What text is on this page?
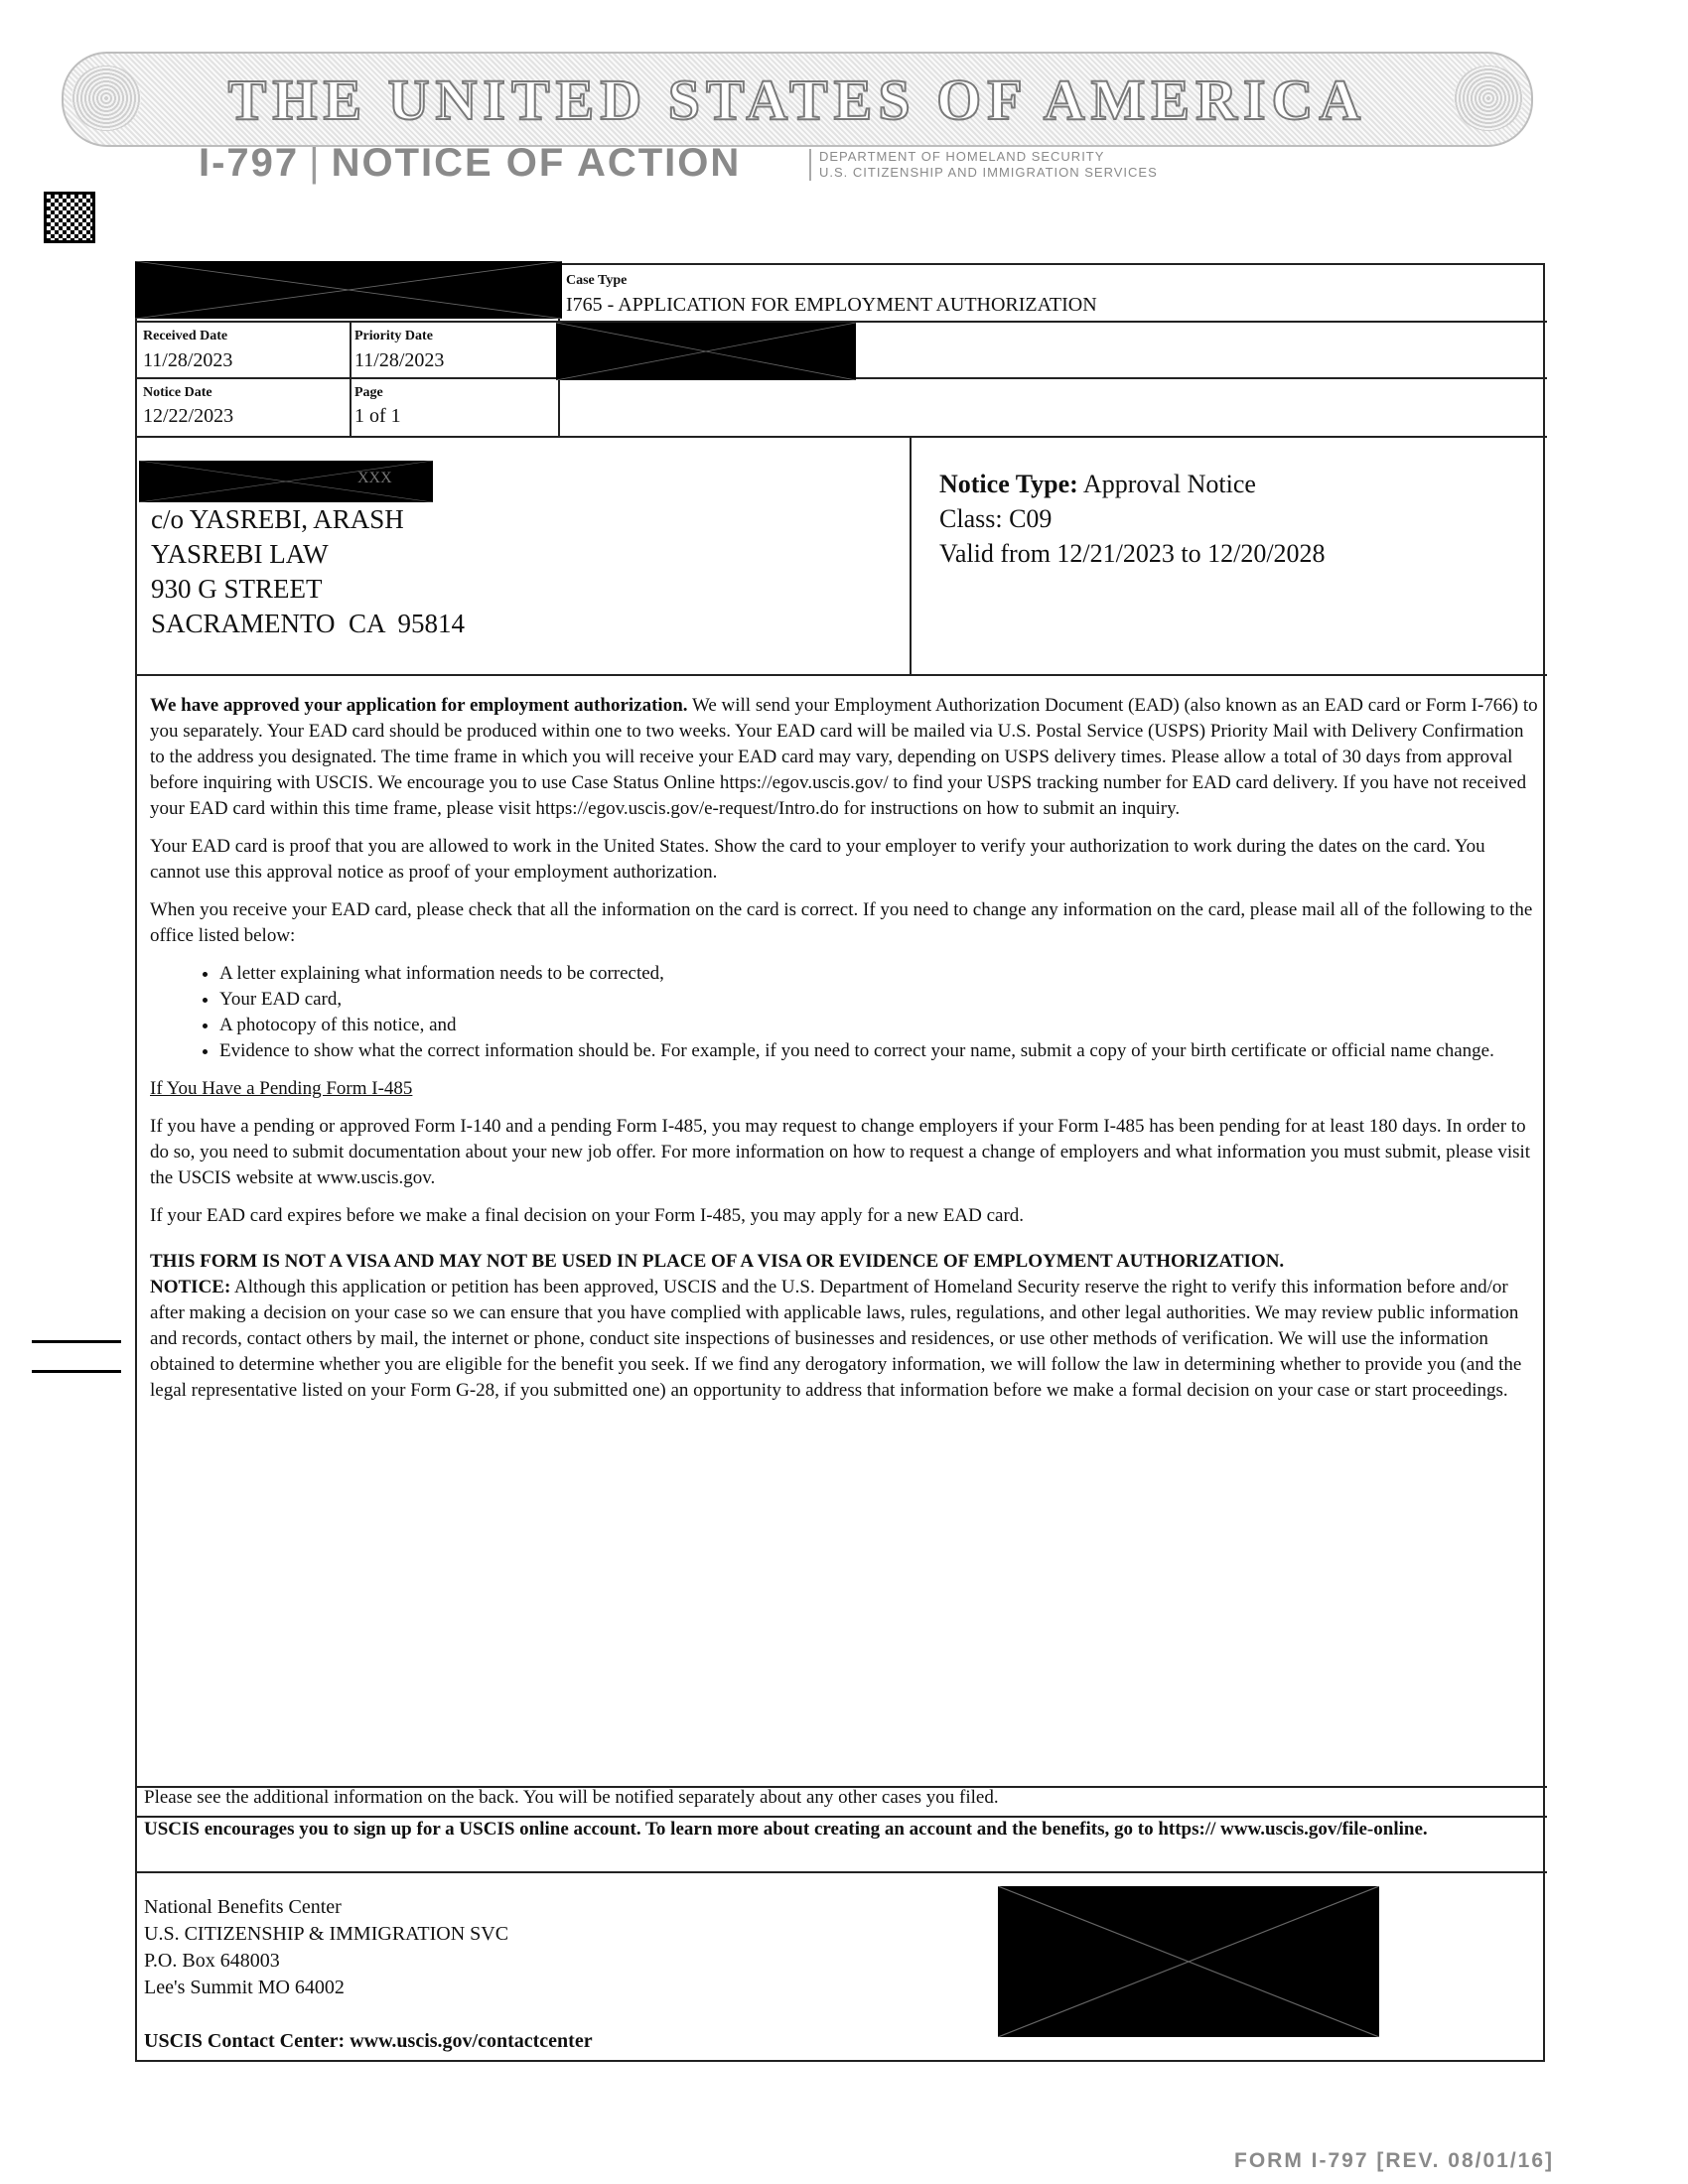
THE UNITED STATES OF AMERICA
I-797 | NOTICE OF ACTION	DEPARTMENT OF HOMELAND SECURITY
U.S. CITIZENSHIP AND IMMIGRATION SERVICES
XXX
Case Type
I765 - APPLICATION FOR EMPLOYMENT AUTHORIZATION
Received Date
11/28/2023
Priority Date
11/28/2023
Notice Date
12/22/2023
Page
1 of 1
c/o YASREBI, ARASH
YASREBI LAW
930 G STREET
SACRAMENTO  CA  95814
Notice Type: Approval Notice
Class: C09
Valid from 12/21/2023 to 12/20/2028

We have approved your application for employment authorization. We will send your Employment Authorization Document (EAD) (also known as an EAD card or Form I-766) to you separately. Your EAD card should be produced within one to two weeks. Your EAD card will be mailed via U.S. Postal Service (USPS) Priority Mail with Delivery Confirmation to the address you designated. The time frame in which you will receive your EAD card may vary, depending on USPS delivery times. Please allow a total of 30 days from approval before inquiring with USCIS. We encourage you to use Case Status Online https://egov.uscis.gov/ to find your USPS tracking number for EAD card delivery. If you have not received your EAD card within this time frame, please visit https://egov.uscis.gov/e-request/Intro.do for instructions on how to submit an inquiry.

Your EAD card is proof that you are allowed to work in the United States. Show the card to your employer to verify your authorization to work during the dates on the card. You cannot use this approval notice as proof of your employment authorization.

When you receive your EAD card, please check that all the information on the card is correct. If you need to change any information on the card, please mail all of the following to the office listed below:

• A letter explaining what information needs to be corrected,
• Your EAD card,
• A photocopy of this notice, and
• Evidence to show what the correct information should be. For example, if you need to correct your name, submit a copy of your birth certificate or official name change.

If You Have a Pending Form I-485

If you have a pending or approved Form I-140 and a pending Form I-485, you may request to change employers if your Form I-485 has been pending for at least 180 days. In order to do so, you need to submit documentation about your new job offer. For more information on how to request a change of employers and what information you must submit, please visit the USCIS website at www.uscis.gov.

If your EAD card expires before we make a final decision on your Form I-485, you may apply for a new EAD card.

THIS FORM IS NOT A VISA AND MAY NOT BE USED IN PLACE OF A VISA OR EVIDENCE OF EMPLOYMENT AUTHORIZATION.
NOTICE: Although this application or petition has been approved, USCIS and the U.S. Department of Homeland Security reserve the right to verify this information before and/or after making a decision on your case so we can ensure that you have complied with applicable laws, rules, regulations, and other legal authorities. We may review public information and records, contact others by mail, the internet or phone, conduct site inspections of businesses and residences, or use other methods of verification. We will use the information obtained to determine whether you are eligible for the benefit you seek. If we find any derogatory information, we will follow the law in determining whether to provide you (and the legal representative listed on your Form G-28, if you submitted one) an opportunity to address that information before we make a formal decision on your case or start proceedings.

Please see the additional information on the back. You will be notified separately about any other cases you filed.
USCIS encourages you to sign up for a USCIS online account. To learn more about creating an account and the benefits, go to https:// www.uscis.gov/file-online.
National Benefits Center
U.S. CITIZENSHIP & IMMIGRATION SVC
P.O. Box 648003
Lee's Summit MO 64002
USCIS Contact Center: www.uscis.gov/contactcenter
FORM I-797 [REV. 08/01/16]
